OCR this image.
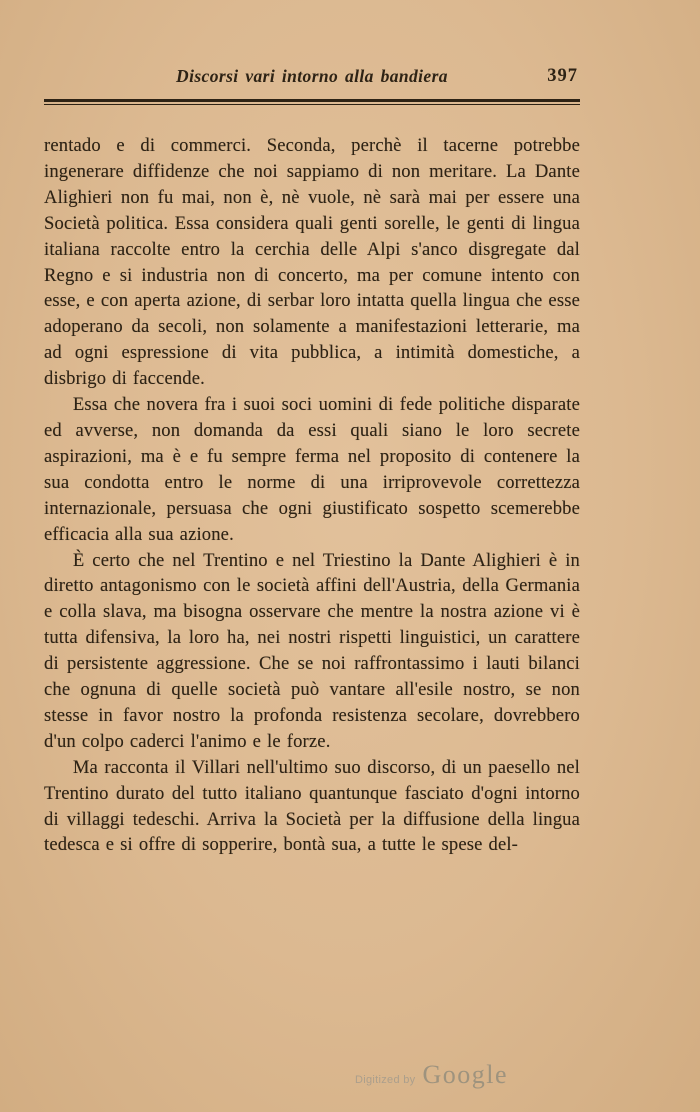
Discorsi vari intorno alla bandiera	397

rentado e di commerci. Seconda, perchè il tacerne potrebbe ingenerare diffidenze che noi sappiamo di non meritare. La Dante Alighieri non fu mai, non è, nè vuole, nè sarà mai per essere una Società politica. Essa considera quali genti sorelle, le genti di lingua italiana raccolte entro la cerchia delle Alpi s'anco disgregate dal Regno e si industria non di concerto, ma per comune intento con esse, e con aperta azione, di serbar loro intatta quella lingua che esse adoperano da secoli, non solamente a manifestazioni letterarie, ma ad ogni espressione di vita pubblica, a intimità domestiche, a disbrigo di faccende.

Essa che novera fra i suoi soci uomini di fede politiche disparate ed avverse, non domanda da essi quali siano le loro secrete aspirazioni, ma è e fu sempre ferma nel proposito di contenere la sua condotta entro le norme di una irriprovevole correttezza internazionale, persuasa che ogni giustificato sospetto scemerebbe efficacia alla sua azione.

È certo che nel Trentino e nel Triestino la Dante Alighieri è in diretto antagonismo con le società affini dell'Austria, della Germania e colla slava, ma bisogna osservare che mentre la nostra azione vi è tutta difensiva, la loro ha, nei nostri rispetti linguistici, un carattere di persistente aggressione. Che se noi raffrontassimo i lauti bilanci che ognuna di quelle società può vantare all'esile nostro, se non stesse in favor nostro la profonda resistenza secolare, dovrebbero d'un colpo caderci l'animo e le forze.

Ma racconta il Villari nell'ultimo suo discorso, di un paesello nel Trentino durato del tutto italiano quantunque fasciato d'ogni intorno di villaggi tedeschi. Arriva la Società per la diffusione della lingua tedesca e si offre di sopperire, bontà sua, a tutte le spese del-

Digitized by Google
